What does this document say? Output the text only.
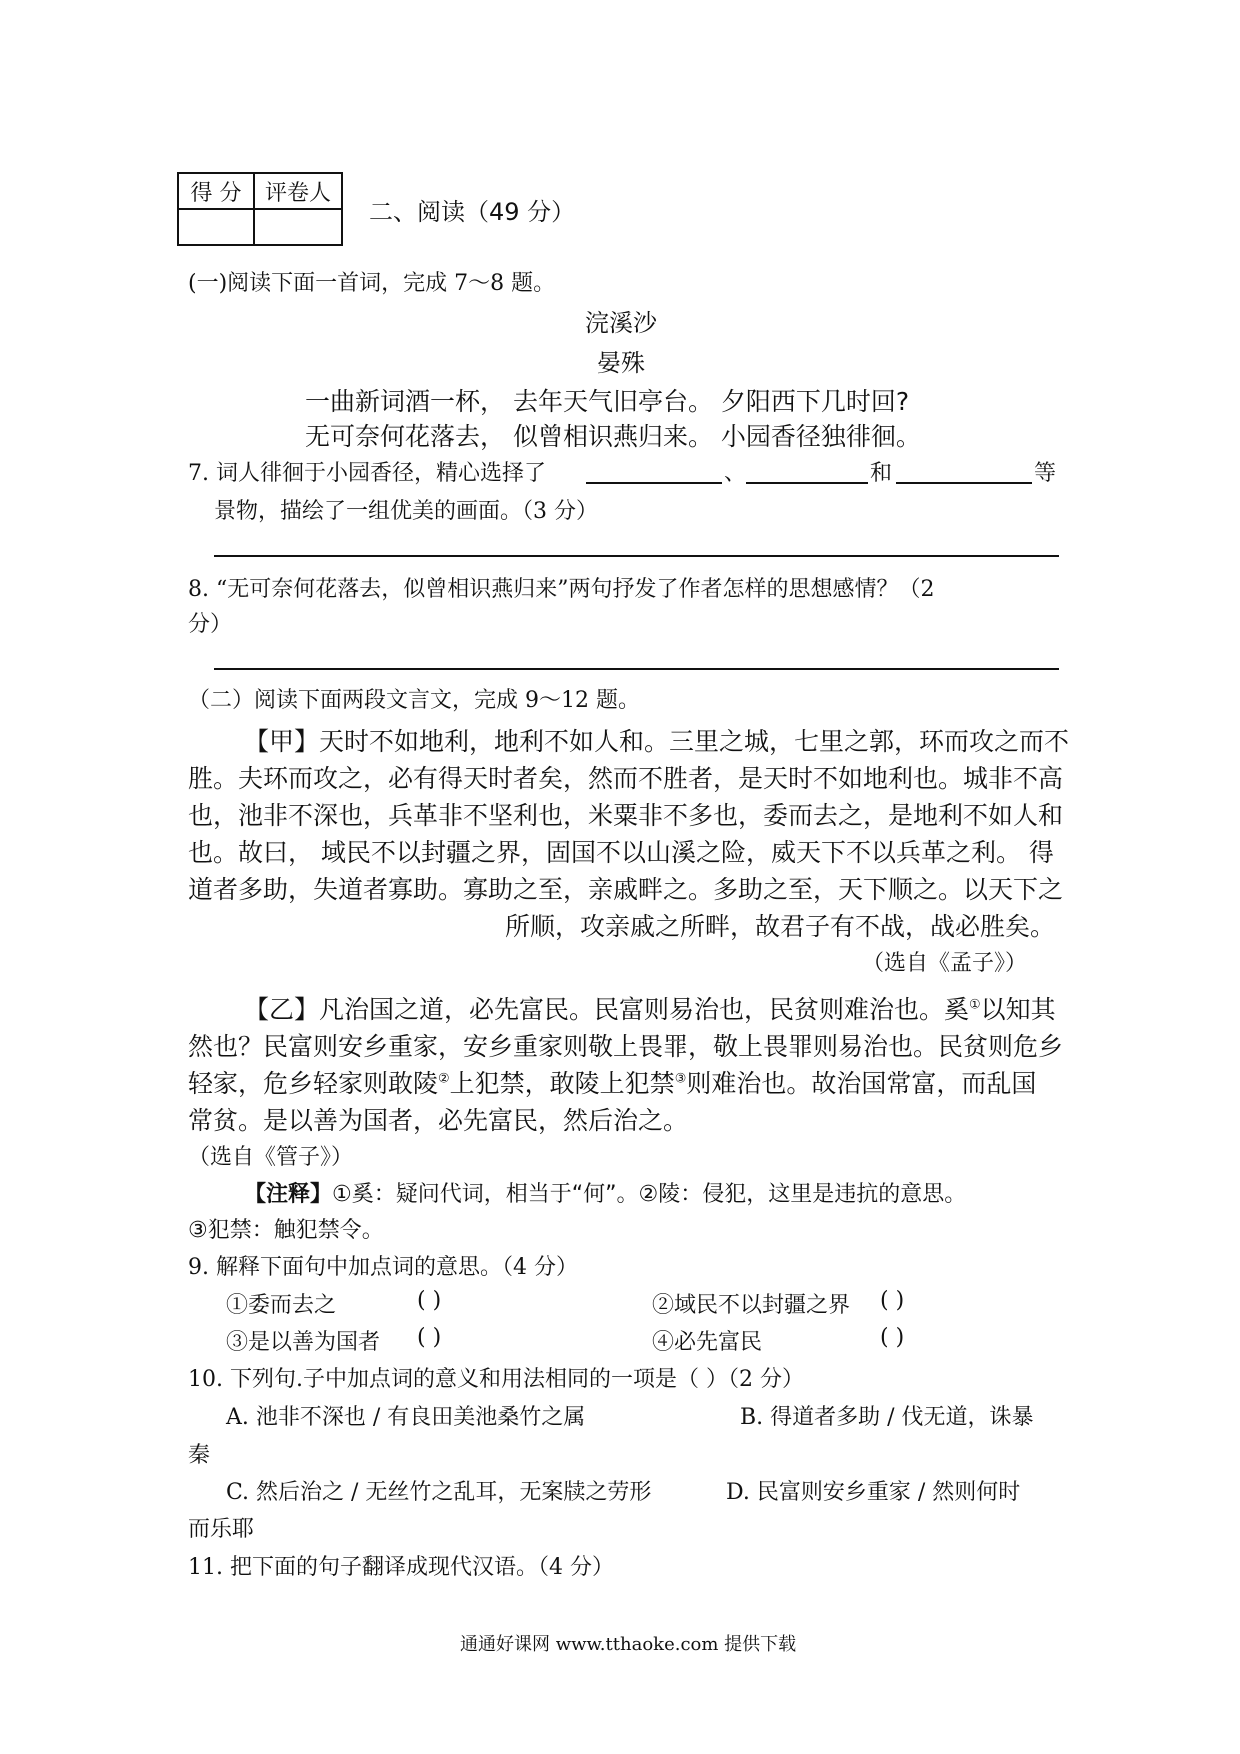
得 分	评卷人

二、阅读（49 分）
(一)阅读下面一首词，完成 7～8 题。
浣溪沙
晏殊
一曲新词酒一杯， 去年天气旧亭台。 夕阳西下几时回?
无可奈何花落去， 似曾相识燕归来。 小园香径独徘徊。
7. 词人徘徊于小园香径，精心选择了	、	和	等
景物，描绘了一组优美的画面。（3 分）
8. “无可奈何花落去，似曾相识燕归来”两句抒发了作者怎样的思想感情？（2
分）
（二）阅读下面两段文言文，完成 9～12 题。
【甲】天时不如地利，地利不如人和。三里之城，七里之郭，环而攻之而不
胜。夫环而攻之，必有得天时者矣，然而不胜者，是天时不如地利也。城非不高
也，池非不深也，兵革非不坚利也，米粟非不多也，委而去之，是地利不如人和
也。故曰， 域民不以封疆之界，固国不以山溪之险，威天下不以兵革之利。 得
道者多助，失道者寡助。寡助之至，亲戚畔之。多助之至，天下顺之。以天下之
所顺，攻亲戚之所畔，故君子有不战，战必胜矣。
（选自《孟子》）
【乙】凡治国之道，必先富民。民富则易治也，民贫则难治也。奚①以知其
然也？民富则安乡重家，安乡重家则敬上畏罪，敬上畏罪则易治也。民贫则危乡
轻家，危乡轻家则敢陵②上犯禁，敢陵上犯禁③则难治也。故治国常富，而乱国
常贫。是以善为国者，必先富民，然后治之。
（选自《管子》）
【注释】①奚：疑问代词，相当于“何”。②陵：侵犯，这里是违抗的意思。
③犯禁：触犯禁令。
9. 解释下面句中加点词的意思。（4 分）
①委而去之	( )	②域民不以封疆之界 ( )
③是以善为国者 ( )	④必先富民	( )
10. 下列句.子中加点词的意义和用法相同的一项是（ ）（2 分）
A. 池非不深也 / 有良田美池桑竹之属	B. 得道者多助 / 伐无道，诛暴
秦
C. 然后治之 / 无丝竹之乱耳，无案牍之劳形	D. 民富则安乡重家 / 然则何时
而乐耶
11. 把下面的句子翻译成现代汉语。（4 分）
通通好课网 www.tthaoke.com 提供下载
